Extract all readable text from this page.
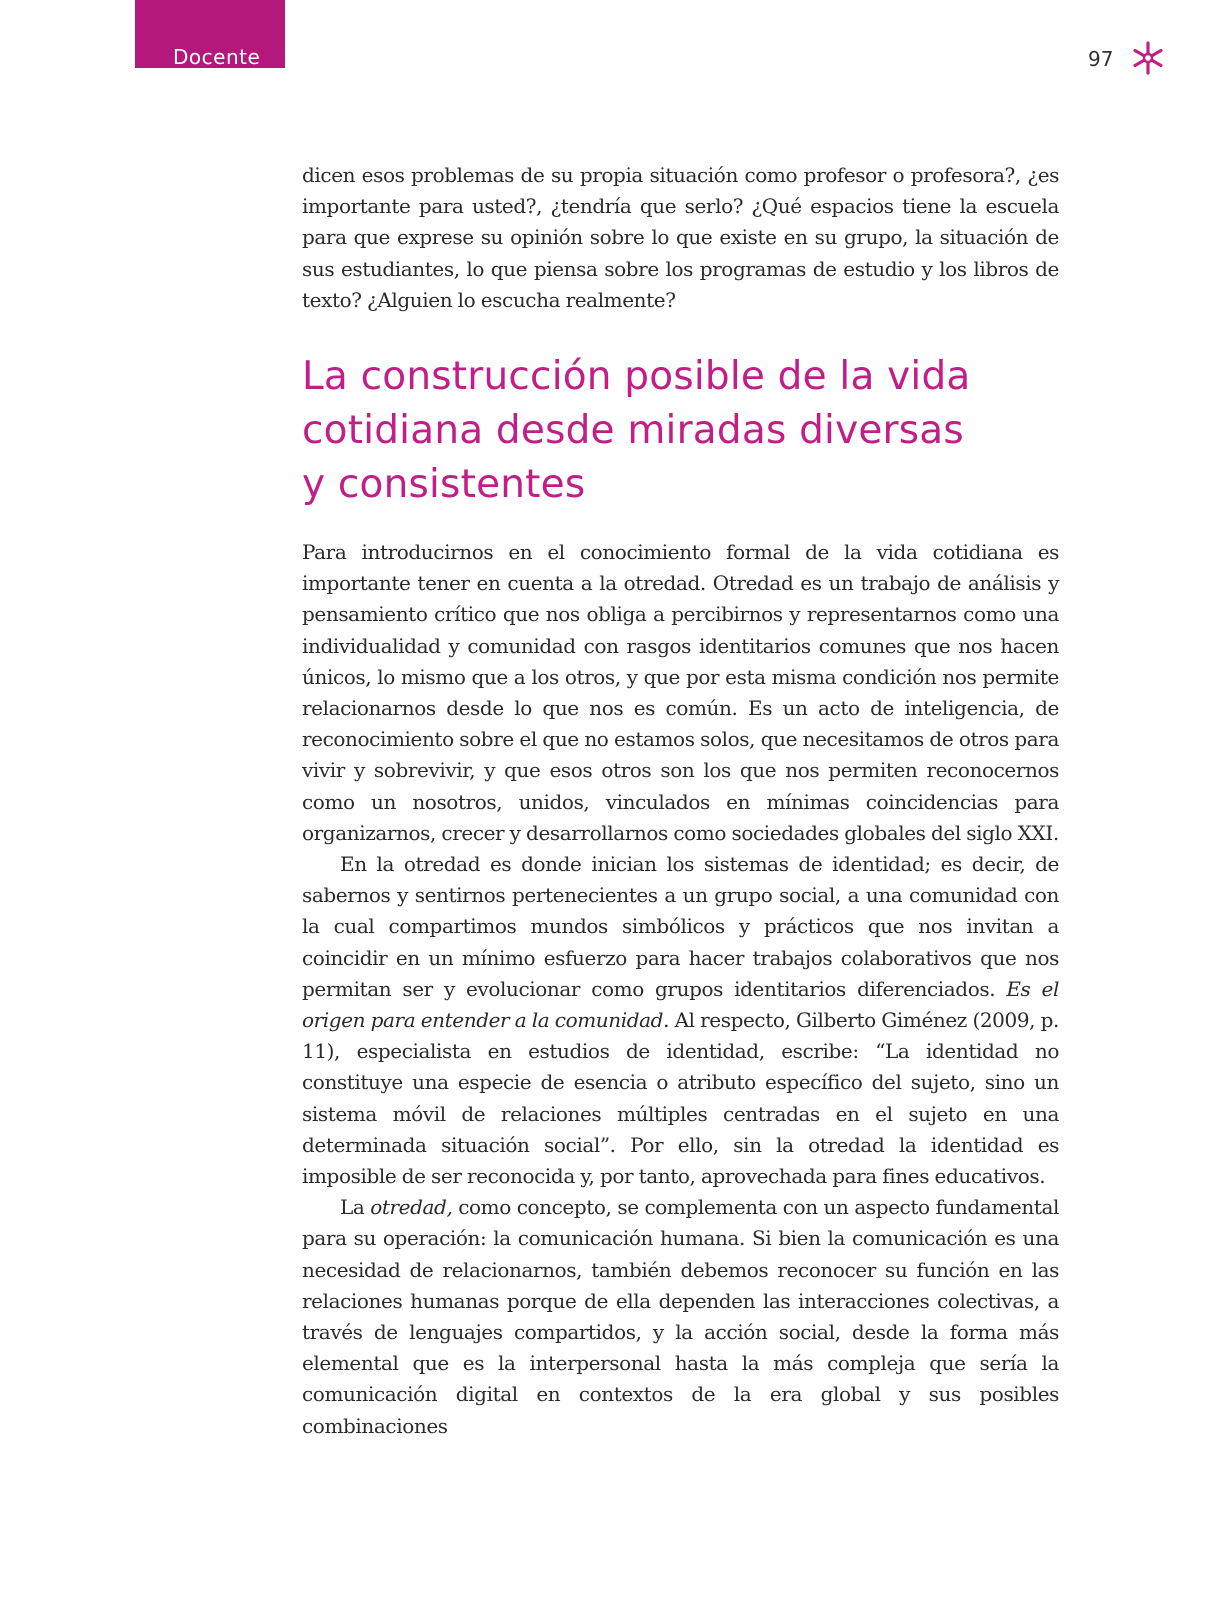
Docente	97

dicen esos problemas de su propia situación como profesor o profesora?, ¿es importante para usted?, ¿tendría que serlo? ¿Qué espacios tiene la escuela para que exprese su opinión sobre lo que existe en su grupo, la situación de sus estudiantes, lo que piensa sobre los programas de estudio y los libros de texto? ¿Alguien lo escucha realmente?

La construcción posible de la vida
cotidiana desde miradas diversas
y consistentes

Para introducirnos en el conocimiento formal de la vida cotidiana es importante tener en cuenta a la otredad. Otredad es un trabajo de análisis y pensamiento crítico que nos obliga a percibirnos y representarnos como una individualidad y comunidad con rasgos identitarios comunes que nos hacen únicos, lo mismo que a los otros, y que por esta misma condición nos permite relacionarnos desde lo que nos es común. Es un acto de inteligencia, de reconocimiento sobre el que no estamos solos, que necesitamos de otros para vivir y sobrevivir, y que esos otros son los que nos permiten reconocernos como un nosotros, unidos, vinculados en mínimas coincidencias para organizarnos, crecer y desarrollarnos como sociedades globales del siglo XXI.

En la otredad es donde inician los sistemas de identidad; es decir, de sabernos y sentirnos pertenecientes a un grupo social, a una comunidad con la cual compartimos mundos simbólicos y prácticos que nos invitan a coincidir en un mínimo esfuerzo para hacer trabajos colaborativos que nos permitan ser y evolucionar como grupos identitarios diferenciados. Es el origen para entender a la comunidad. Al respecto, Gilberto Giménez (2009, p. 11), especialista en estudios de identidad, escribe: “La identidad no constituye una especie de esencia o atributo específico del sujeto, sino un sistema móvil de relaciones múltiples centradas en el sujeto en una determinada situación social”. Por ello, sin la otredad la identidad es imposible de ser reconocida y, por tanto, aprovechada para fines educativos.

La otredad, como concepto, se complementa con un aspecto fundamental para su operación: la comunicación humana. Si bien la comunicación es una necesidad de relacionarnos, también debemos reconocer su función en las relaciones humanas porque de ella dependen las interacciones colectivas, a través de lenguajes compartidos, y la acción social, desde la forma más elemental que es la interpersonal hasta la más compleja que sería la comunicación digital en contextos de la era global y sus posibles combinaciones
